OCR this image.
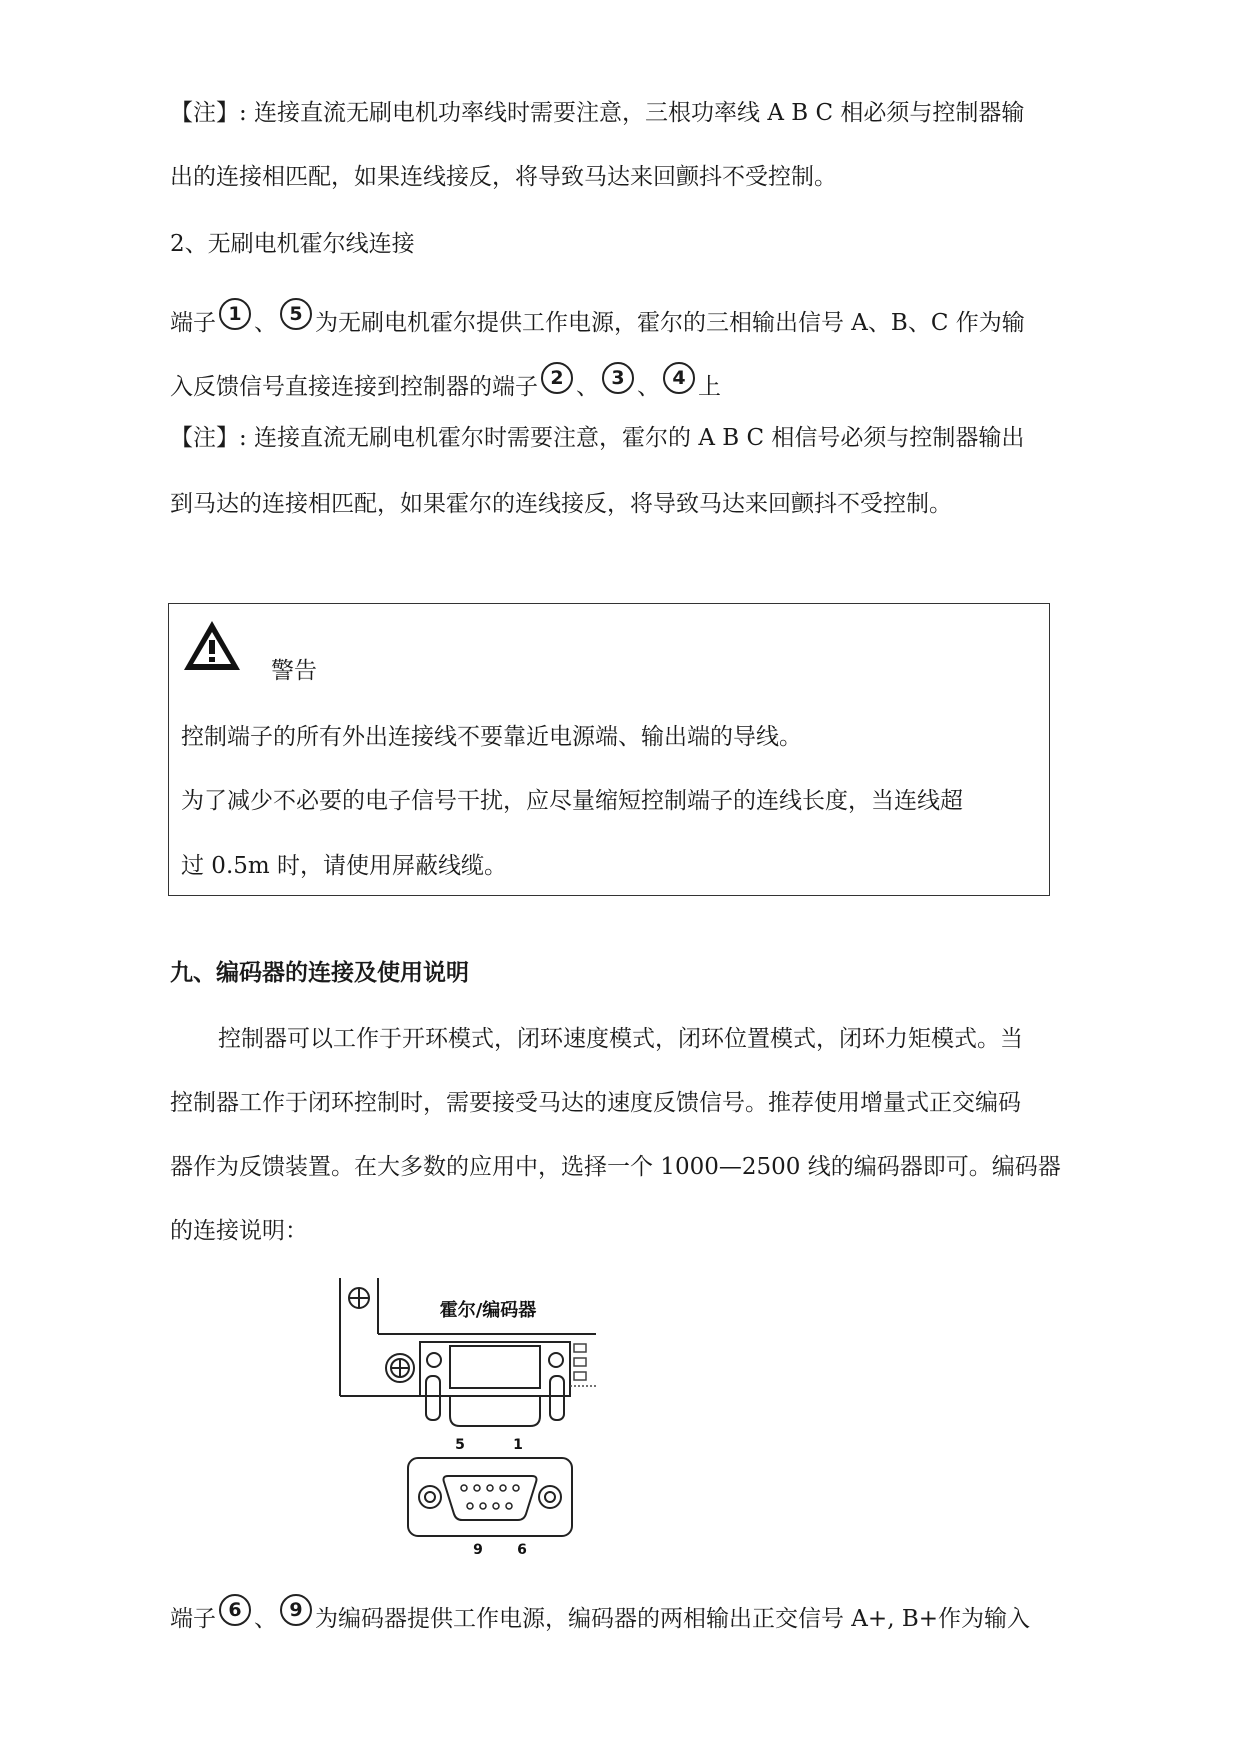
【注】: 连接直流无刷电机功率线时需要注意，三根功率线 A B C 相必须与控制器输
出的连接相匹配，如果连线接反，将导致马达来回颤抖不受控制。
2、无刷电机霍尔线连接
端子 1 、 5 为无刷电机霍尔提供工作电源，霍尔的三相输出信号 A、B、C 作为输
入反馈信号直接连接到控制器的端子 2 、 3 、 4 上
【注】: 连接直流无刷电机霍尔时需要注意，霍尔的 A B C 相信号必须与控制器输出
到马达的连接相匹配，如果霍尔的连线接反，将导致马达来回颤抖不受控制。
警告
控制端子的所有外出连接线不要靠近电源端、输出端的导线。
为了减少不必要的电子信号干扰，应尽量缩短控制端子的连线长度，当连线超
过 0.5m 时，请使用屏蔽线缆。
九、编码器的连接及使用说明
控制器可以工作于开环模式，闭环速度模式，闭环位置模式，闭环力矩模式。当
控制器工作于闭环控制时，需要接受马达的速度反馈信号。推荐使用增量式正交编码
器作为反馈装置。在大多数的应用中，选择一个 1000—2500 线的编码器即可。编码器
的连接说明：
霍尔/编码器
5	1
9 6
端子 6 、 9 为编码器提供工作电源，编码器的两相输出正交信号 A+, B+作为输入
